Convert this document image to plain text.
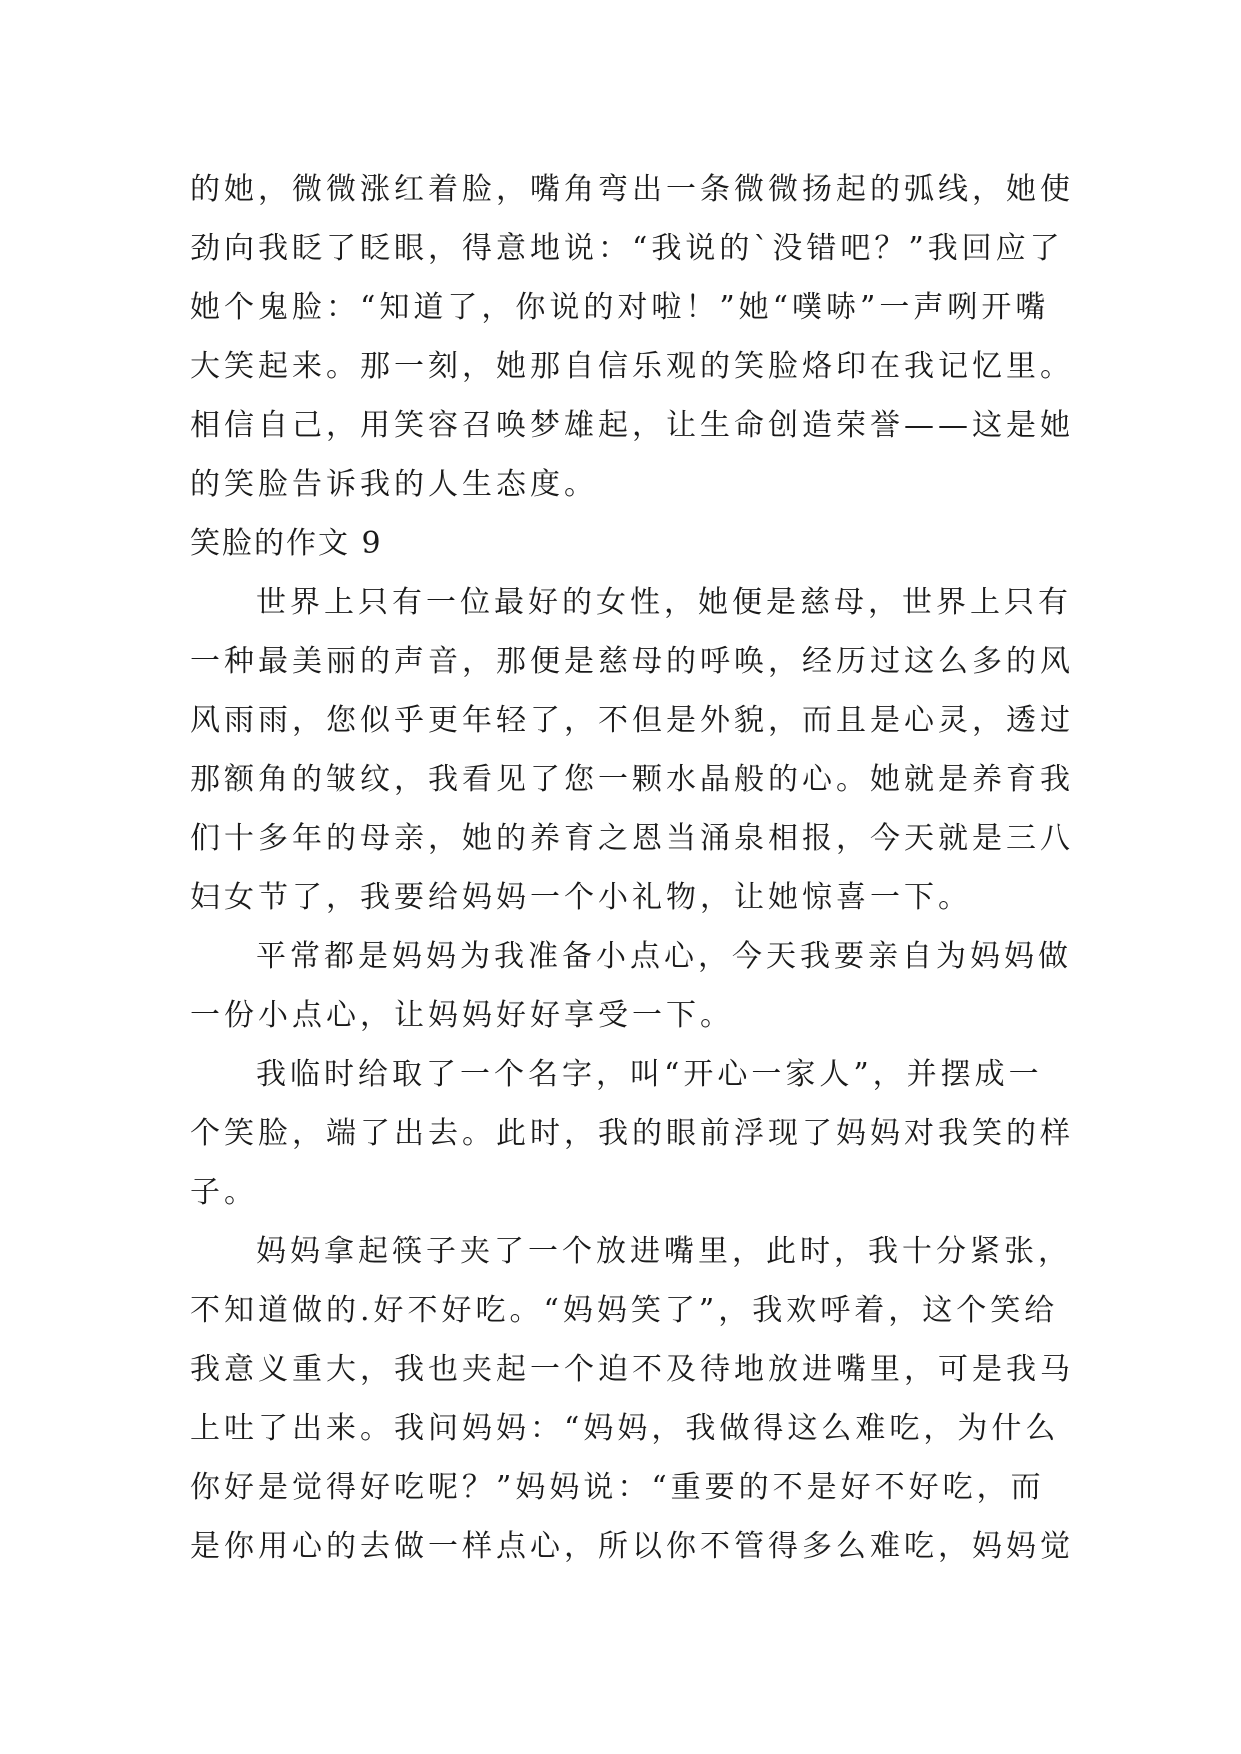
的她，微微涨红着脸，嘴角弯出一条微微扬起的弧线，她使
劲向我眨了眨眼，得意地说：“我说的`没错吧？”我回应了
她个鬼脸：“知道了，你说的对啦！”她“噗哧”一声咧开嘴
大笑起来。那一刻，她那自信乐观的笑脸烙印在我记忆里。
相信自己，用笑容召唤梦雄起，让生命创造荣誉——这是她
的笑脸告诉我的人生态度。
笑脸的作文 9
世界上只有一位最好的女性，她便是慈母，世界上只有
一种最美丽的声音，那便是慈母的呼唤，经历过这么多的风
风雨雨，您似乎更年轻了，不但是外貌，而且是心灵，透过
那额角的皱纹，我看见了您一颗水晶般的心。她就是养育我
们十多年的母亲，她的养育之恩当涌泉相报，今天就是三八
妇女节了，我要给妈妈一个小礼物，让她惊喜一下。
平常都是妈妈为我准备小点心，今天我要亲自为妈妈做
一份小点心，让妈妈好好享受一下。
我临时给取了一个名字，叫“开心一家人”，并摆成一
个笑脸，端了出去。此时，我的眼前浮现了妈妈对我笑的样
子。
妈妈拿起筷子夹了一个放进嘴里，此时，我十分紧张，
不知道做的.好不好吃。“妈妈笑了”，我欢呼着，这个笑给
我意义重大，我也夹起一个迫不及待地放进嘴里，可是我马
上吐了出来。我问妈妈：“妈妈，我做得这么难吃，为什么
你好是觉得好吃呢？”妈妈说：“重要的不是好不好吃，而
是你用心的去做一样点心，所以你不管得多么难吃，妈妈觉
